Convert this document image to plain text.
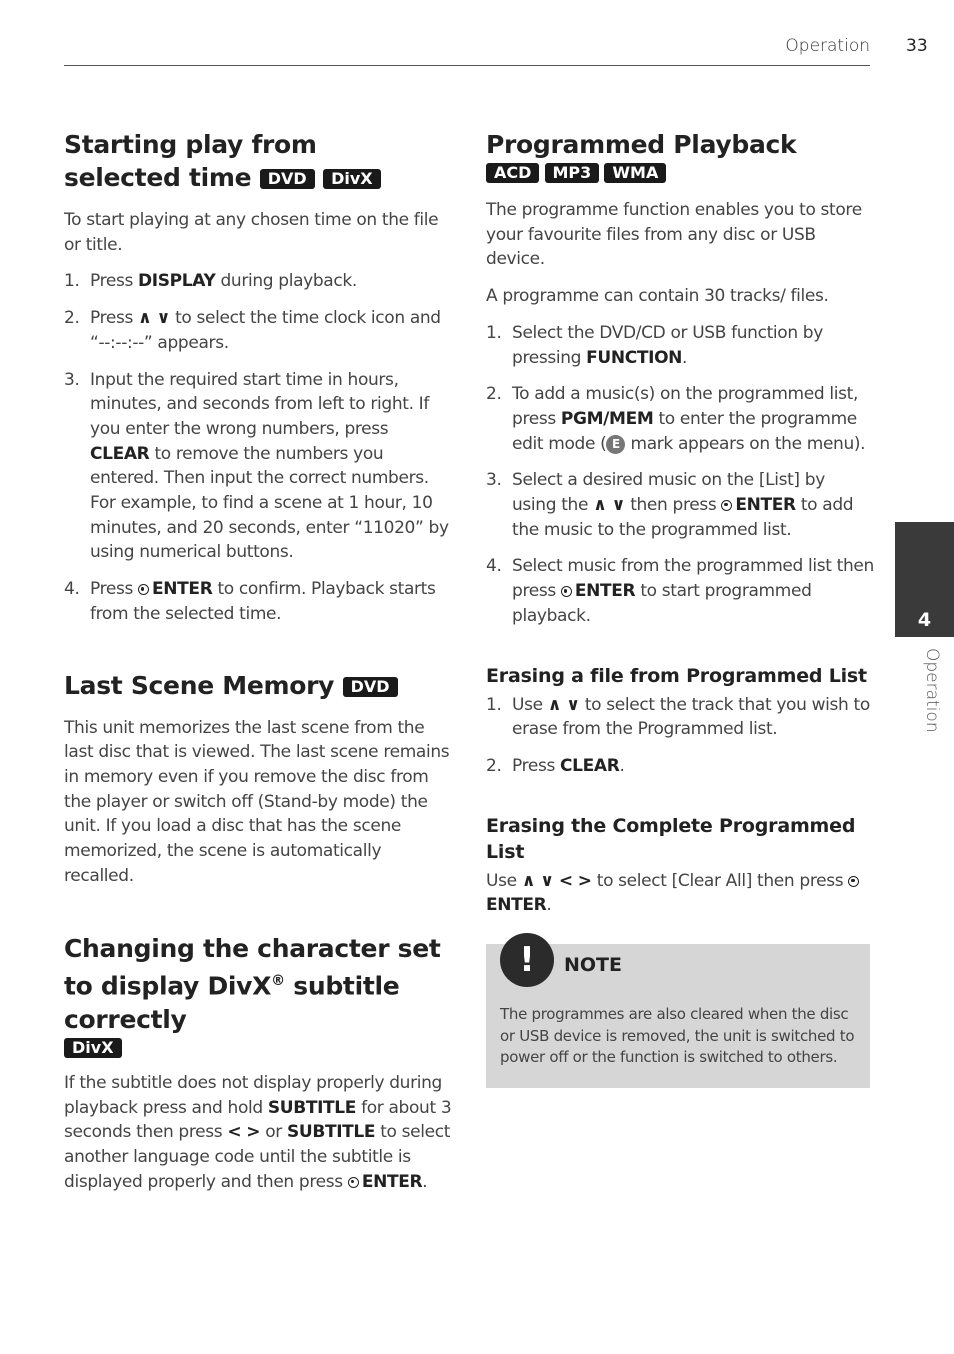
Operation 33
4
Operation
Starting play from selected time DVD DivX

To start playing at any chosen time on the file or title.

1. Press DISPLAY during playback.
2. Press ∧ ∨ to select the time clock icon and “--:--:--” appears.
3. Input the required start time in hours, minutes, and seconds from left to right. If you enter the wrong numbers, press CLEAR to remove the numbers you entered. Then input the correct numbers.
For example, to find a scene at 1 hour, 10 minutes, and 20 seconds, enter “11020” by using numerical buttons.
4. Press ENTER to confirm. Playback starts from the selected time.
Last Scene Memory DVD

This unit memorizes the last scene from the last disc that is viewed. The last scene remains in memory even if you remove the disc from the player or switch off (Stand-by mode) the unit. If you load a disc that has the scene memorized, the scene is automatically recalled.

Changing the character set to display DivX® subtitle correctly
DivX

If the subtitle does not display properly during playback press and hold SUBTITLE for about 3 seconds then press < > or SUBTITLE to select another language code until the subtitle is displayed properly and then press ENTER.

Programmed Playback
ACD MP3 WMA

The programme function enables you to store your favourite files from any disc or USB device.

A programme can contain 30 tracks/ files.

1. Select the DVD/CD or USB function by pressing FUNCTION.
2. To add a music(s) on the programmed list, press PGM/MEM to enter the programme edit mode ( E mark appears on the menu).
3. Select a desired music on the [List] by using the ∧ ∨ then press ENTER to add the music to the programmed list.
4. Select music from the programmed list then press ENTER to start programmed playback.
Erasing a file from Programmed List
1. Use ∧ ∨ to select the track that you wish to erase from the Programmed list.
2. Press CLEAR.
Erasing the Complete Programmed List

Use ∧ ∨ < > to select [Clear All] then press ENTER.

!	NOTE
The programmes are also cleared when the disc or USB device is removed, the unit is switched to power off or the function is switched to others.
